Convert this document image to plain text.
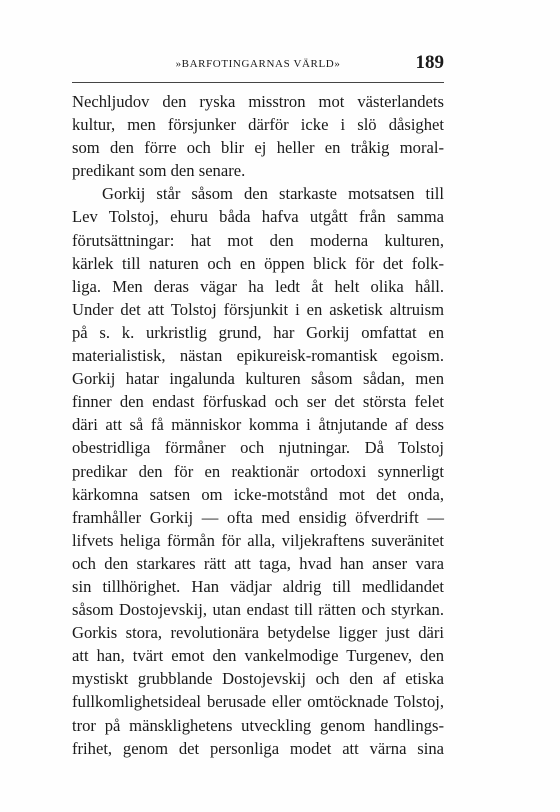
»BARFOTINGARNAS VÄRLD»	189
Nechljudov den ryska misstron mot västerlandets
kultur, men försjunker därför icke i slö dåsighet
som den förre och blir ej heller en tråkig moral-
predikant som den senare.
Gorkij står såsom den starkaste motsatsen till
Lev Tolstoj, ehuru båda hafva utgått från samma
förutsättningar: hat mot den moderna kulturen,
kärlek till naturen och en öppen blick för det folk-
liga. Men deras vägar ha ledt åt helt olika håll.
Under det att Tolstoj försjunkit i en asketisk altruism
på s. k. urkristlig grund, har Gorkij omfattat en
materialistisk, nästan epikureisk-romantisk egoism.
Gorkij hatar ingalunda kulturen såsom sådan, men
finner den endast förfuskad och ser det största felet
däri att så få människor komma i åtnjutande af dess
obestridliga förmåner och njutningar. Då Tolstoj
predikar den för en reaktionär ortodoxi synnerligt
kärkomna satsen om icke-motstånd mot det onda,
framhåller Gorkij — ofta med ensidig öfverdrift —
lifvets heliga förmån för alla, viljekraftens suveränitet
och den starkares rätt att taga, hvad han anser vara
sin tillhörighet. Han vädjar aldrig till medlidandet
såsom Dostojevskij, utan endast till rätten och styrkan.
Gorkis stora, revolutionära betydelse ligger just däri
att han, tvärt emot den vankelmodige Turgenev, den
mystiskt grubblande Dostojevskij och den af etiska
fullkomlighetsideal berusade eller omtöcknade Tolstoj,
tror på mänsklighetens utveckling genom handlings-
frihet, genom det personliga modet att värna sina
